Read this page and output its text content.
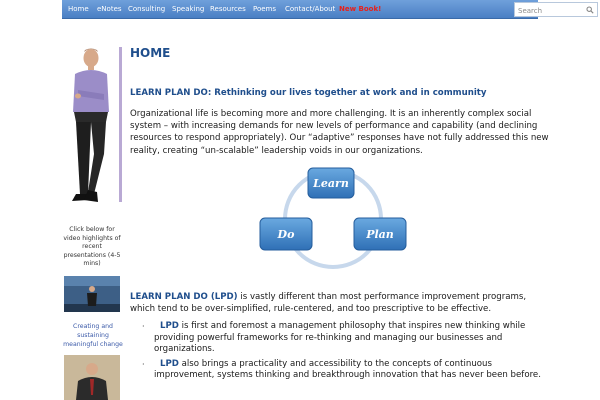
Home eNotes Consulting Speaking Resources Poems Contact/About New Book!
Search
Click below for video highlights of recent presentations (4-5 mins)
Creating and sustaining meaningful change
HOME
LEARN PLAN DO: Rethinking our lives together at work and in community

Organizational life is becoming more and more challenging. It is an inherently complex social system – with increasing demands for new levels of performance and capability (and declining resources to respond appropriately). Our “adaptive” responses have not fully addressed this new reality, creating “un-scalable” leadership voids in our organizations.

Learn
Do	Plan

LEARN PLAN DO (LPD) is vastly different than most performance improvement programs, which tend to be over-simplified, rule-centered, and too prescriptive to be effective.

· LPD is first and foremost a management philosophy that inspires new thinking while providing powerful frameworks for re-thinking and managing our businesses and organizations.
· LPD also brings a practicality and accessibility to the concepts of continuous improvement, systems thinking and breakthrough innovation that has never been before.
